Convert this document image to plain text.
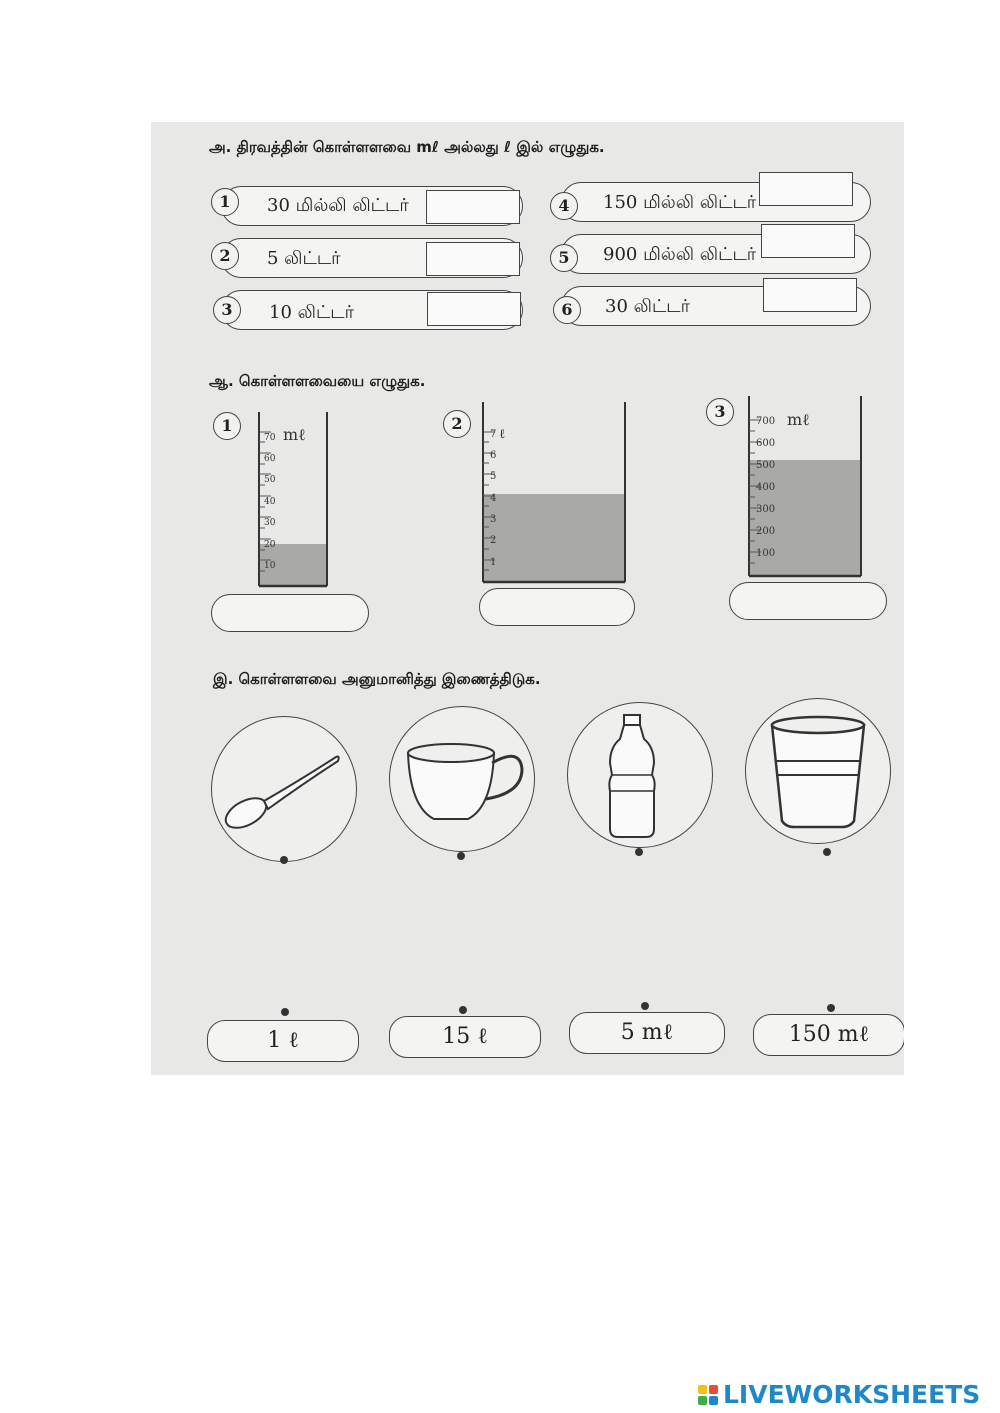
அ. திரவத்தின் கொள்ளளவை mℓ அல்லது ℓ இல் எழுதுக.
1	30 மில்லி லிட்டர்
2	5 லிட்டர்
3	10 லிட்டர்
4	150 மில்லி லிட்டர்
5	900 மில்லி லிட்டர்
6	30 லிட்டர்
ஆ. கொள்ளளவையை எழுதுக.
1
70
60
50
40
30
20
10
mℓ
2
7
6
5
4
3
2
1
ℓ
3
700
600
500
400
300
200
100
mℓ
இ. கொள்ளளவை அனுமானித்து இணைத்திடுக.
1 ℓ	15 ℓ	5 mℓ	150 mℓ
LIVEWORKSHEETS
